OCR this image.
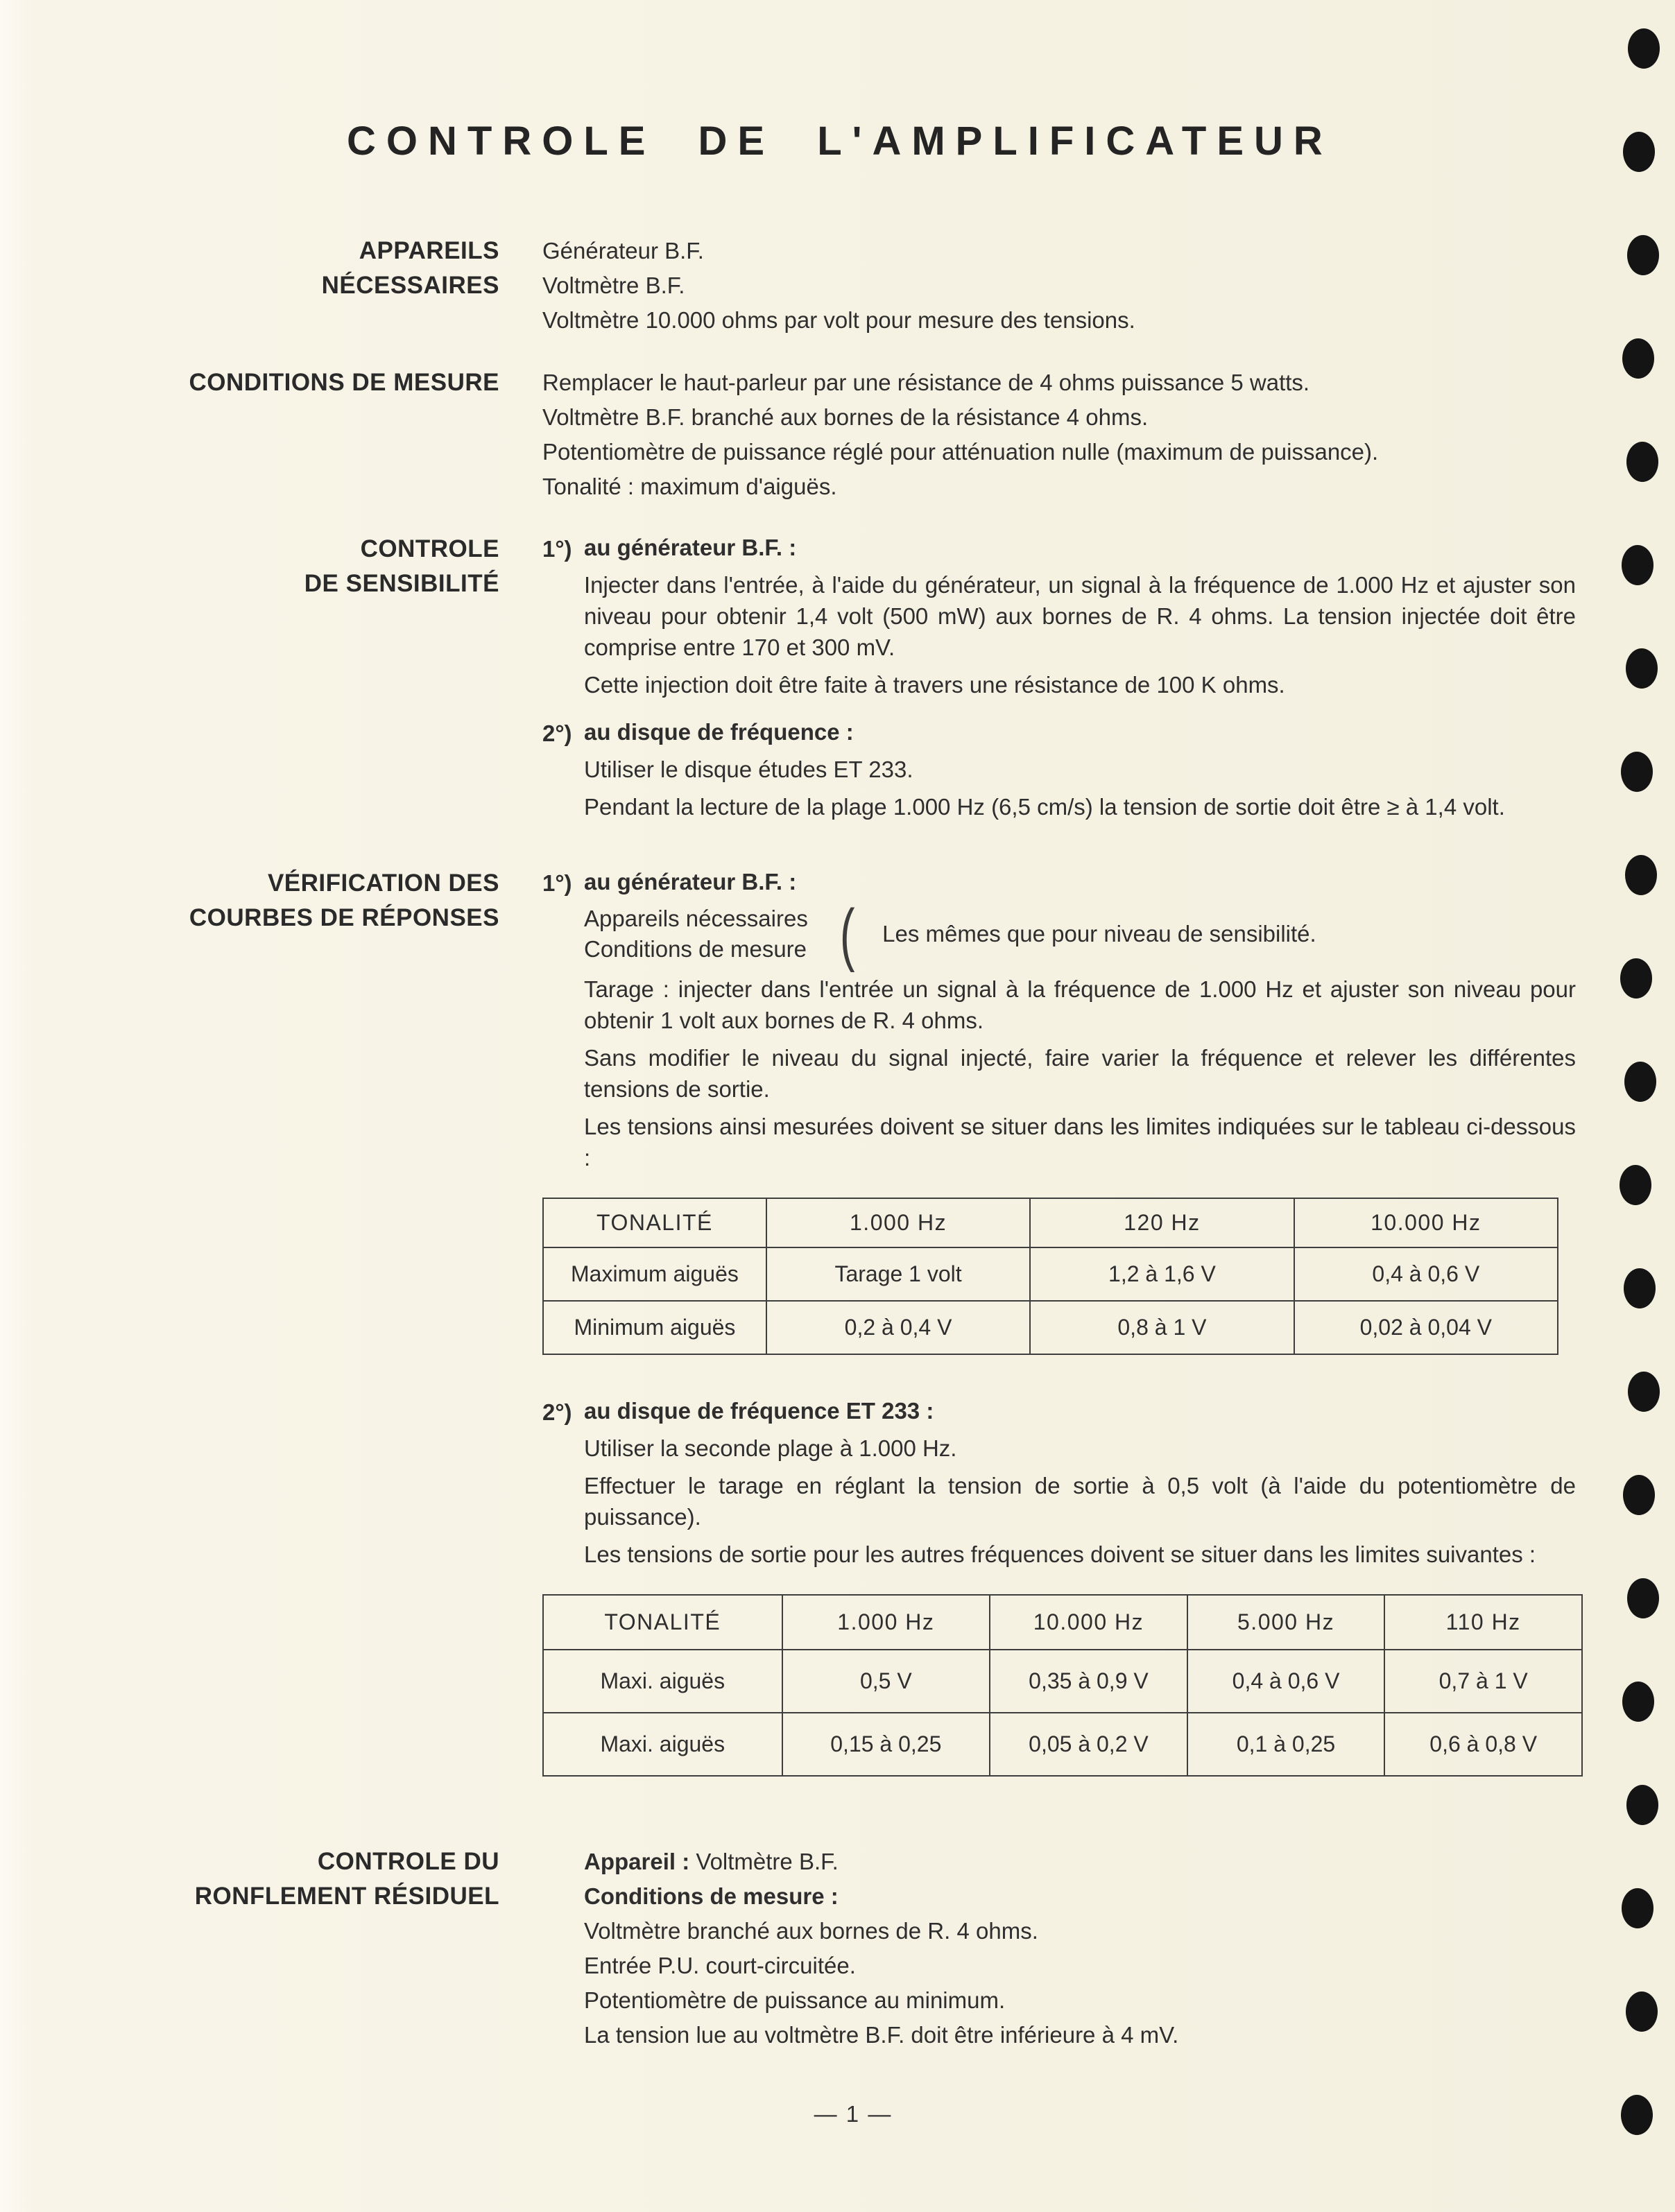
CONTROLE DE L'AMPLIFICATEUR
APPAREILS
NÉCESSAIRES
Générateur B.F.
Voltmètre B.F.
Voltmètre 10.000 ohms par volt pour mesure des tensions.
CONDITIONS DE MESURE Remplacer le haut-parleur par une résistance de 4 ohms puissance 5 watts.
Voltmètre B.F. branché aux bornes de la résistance 4 ohms.
Potentiomètre de puissance réglé pour atténuation nulle (maximum de puissance).
Tonalité : maximum d'aiguës.
CONTROLE
DE SENSIBILITÉ
1°) au générateur B.F. :

Injecter dans l'entrée, à l'aide du générateur, un signal à la fréquence de 1.000 Hz et ajuster son niveau pour obtenir 1,4 volt (500 mW) aux bornes de R. 4 ohms. La tension injectée doit être comprise entre 170 et 300 mV.

Cette injection doit être faite à travers une résistance de 100 K ohms.

2°) au disque de fréquence :

Utiliser le disque études ET 233.

Pendant la lecture de la plage 1.000 Hz (6,5 cm/s) la tension de sortie doit être ≥ à 1,4 volt.

VÉRIFICATION DES
COURBES DE RÉPONSES
1°) au générateur B.F. :
Appareils nécessaires
Conditions de mesure ( Les mêmes que pour niveau de sensibilité.

Tarage : injecter dans l'entrée un signal à la fréquence de 1.000 Hz et ajuster son niveau pour obtenir 1 volt aux bornes de R. 4 ohms.

Sans modifier le niveau du signal injecté, faire varier la fréquence et relever les différentes tensions de sortie.

Les tensions ainsi mesurées doivent se situer dans les limites indiquées sur le tableau ci-dessous :

TONALITÉ	1.000 Hz	120 Hz	10.000 Hz
Maximum aiguës	Tarage 1 volt	1,2 à 1,6 V	0,4 à 0,6 V
Minimum aiguës	0,2 à 0,4 V	0,8 à 1 V	0,02 à 0,04 V
2°) au disque de fréquence ET 233 :

Utiliser la seconde plage à 1.000 Hz.

Effectuer le tarage en réglant la tension de sortie à 0,5 volt (à l'aide du potentiomètre de puissance).

Les tensions de sortie pour les autres fréquences doivent se situer dans les limites suivantes :

TONALITÉ	1.000 Hz	10.000 Hz	5.000 Hz	110 Hz
Maxi. aiguës	0,5 V	0,35 à 0,9 V	0,4 à 0,6 V	0,7 à 1 V
Maxi. aiguës	0,15 à 0,25	0,05 à 0,2 V	0,1 à 0,25	0,6 à 0,8 V
CONTROLE DU
RONFLEMENT RÉSIDUEL
Appareil : Voltmètre B.F.
Conditions de mesure :
Voltmètre branché aux bornes de R. 4 ohms.
Entrée P.U. court-circuitée.
Potentiomètre de puissance au minimum.
La tension lue au voltmètre B.F. doit être inférieure à 4 mV.
— 1 —
